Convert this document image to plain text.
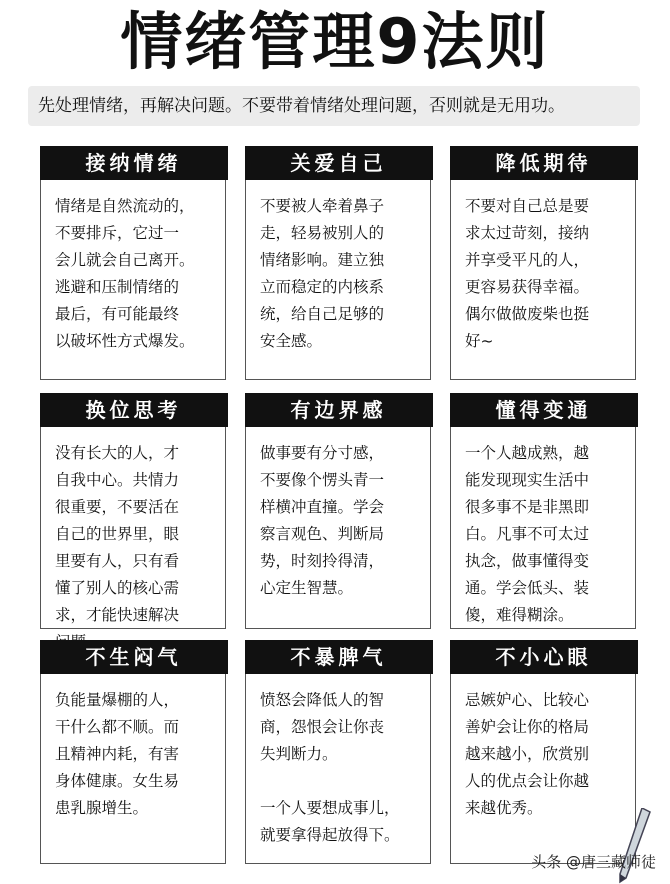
情绪管理9法则
先处理情绪，再解决问题。不要带着情绪处理问题，否则就是无用功。
接纳情绪
情绪是自然流动的，
不要排斥，它过一
会儿就会自己离开。
逃避和压制情绪的
最后，有可能最终
以破坏性方式爆发。
关爱自己
不要被人牵着鼻子
走，轻易被别人的
情绪影响。建立独
立而稳定的内核系
统，给自己足够的
安全感。
降低期待
不要对自己总是要
求太过苛刻，接纳
并享受平凡的人，
更容易获得幸福。
偶尔做做废柴也挺
好~
换位思考
没有长大的人，才
自我中心。共情力
很重要，不要活在
自己的世界里，眼
里要有人，只有看
懂了别人的核心需
求，才能快速解决

有边界感
做事要有分寸感，
不要像个愣头青一
样横冲直撞。学会
察言观色、判断局
势，时刻拎得清，
心定生智慧。
懂得变通
一个人越成熟，越
能发现现实生活中
很多事不是非黑即
白。凡事不可太过
执念，做事懂得变
通。学会低头、装
傻，难得糊涂。
不生闷气
负能量爆棚的人，
干什么都不顺。而
且精神内耗，有害
身体健康。女生易
患乳腺增生。
不暴脾气
愤怒会降低人的智
商，怨恨会让你丧
失判断力。

一个人要想成事儿，
就要拿得起放得下。
不小心眼
忌嫉妒心、比较心
善妒会让你的格局
越来越小，欣赏别
人的优点会让你越
来越优秀。
头条 @唐三藏师徒
